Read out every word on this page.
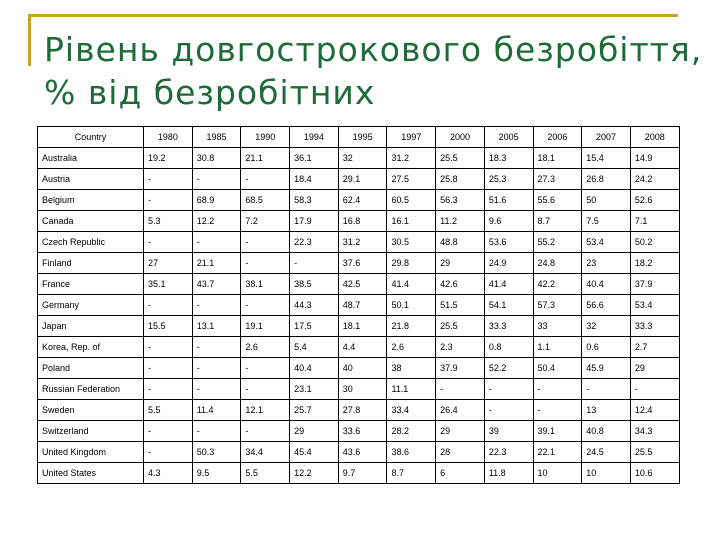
Рівень довгострокового безробіття, % від безробітних
Country	1980	1985	1990	1994	1995	1997	2000	2005	2006	2007	2008
Australia	19.2	30.8	21.1	36.1	32	31.2	25.5	18.3	18.1	15.4	14.9
Austria	-	-	-	18.4	29.1	27.5	25.8	25.3	27.3	26.8	24.2
Belgium	-	68.9	68.5	58.3	62.4	60.5	56.3	51.6	55.6	50	52.6
Canada	5.3	12.2	7.2	17.9	16.8	16.1	11.2	9.6	8.7	7.5	7.1
Czech Republic	-	-	-	22.3	31.2	30.5	48.8	53.6	55.2	53.4	50.2
Finland	27	21.1	-	-	37.6	29.8	29	24.9	24.8	23	18.2
France	35.1	43.7	38.1	38.5	42.5	41.4	42.6	41.4	42.2	40.4	37.9
Germany	-	-	-	44.3	48.7	50.1	51.5	54.1	57.3	56.6	53.4
Japan	15.5	13.1	19.1	17.5	18.1	21.8	25.5	33.3	33	32	33.3
Korea, Rep. of	-	-	2.6	5.4	4.4	2.6	2.3	0.8	1.1	0.6	2.7
Poland	-	-	-	40.4	40	38	37.9	52.2	50.4	45.9	29
Russian Federation	-	-	-	23.1	30	11.1	-	-	-	-	-
Sweden	5.5	11.4	12.1	25.7	27.8	33.4	26.4	-	-	13	12.4
Switzerland	-	-	-	29	33.6	28.2	29	39	39.1	40.8	34.3
United Kingdom	-	50.3	34.4	45.4	43.6	38.6	28	22.3	22.1	24.5	25.5
United States	4.3	9.5	5.5	12.2	9.7	8.7	6	11.8	10	10	10.6
